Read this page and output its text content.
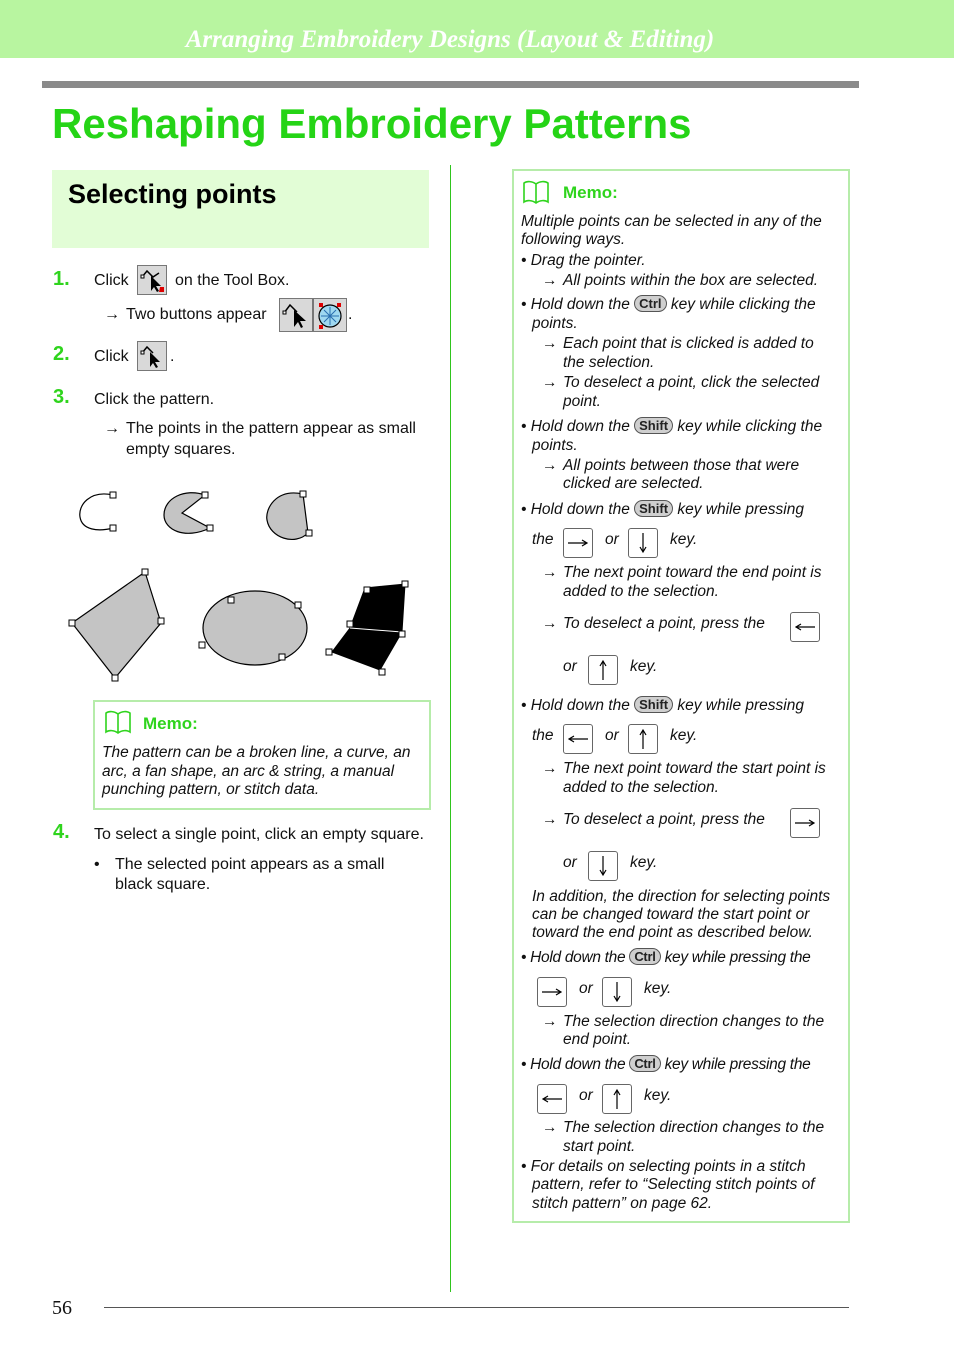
Arranging Embroidery Designs (Layout & Editing)
Reshaping Embroidery Patterns
Selecting points
1. Click	on the Tool Box.
→ Two buttons appear	.
2. Click	.
3. Click the pattern.
→ The points in the pattern appear as small
empty squares.
Memo:
The pattern can be a broken line, a curve, an
arc, a fan shape, an arc & string, a manual
punching pattern, or stitch data.
4. To select a single point, click an empty square.
• The selected point appears as a small
black square.
Memo:
Multiple points can be selected in any of the
following ways.
• Drag the pointer.
→ All points within the box are selected.
• Hold down the Ctrl key while clicking the
points.
→ Each point that is clicked is added to
the selection.
→ To deselect a point, click the selected
point.
• Hold down the Shift key while clicking the
points.
→ All points between those that were
clicked are selected.
• Hold down the Shift key while pressing
the	or	key.
→ The next point toward the end point is
added to the selection.
→ To deselect a point, press the
or	key.
• Hold down the Shift key while pressing
the	or	key.
→ The next point toward the start point is
added to the selection.
→ To deselect a point, press the
or	key.
In addition, the direction for selecting points
can be changed toward the start point or
toward the end point as described below.
• Hold down the Ctrl key while pressing the
or	key.
→ The selection direction changes to the
end point.
• Hold down the Ctrl key while pressing the
or	key.
→ The selection direction changes to the
start point.
• For details on selecting points in a stitch
pattern, refer to “Selecting stitch points of
stitch pattern” on page 62.
56
